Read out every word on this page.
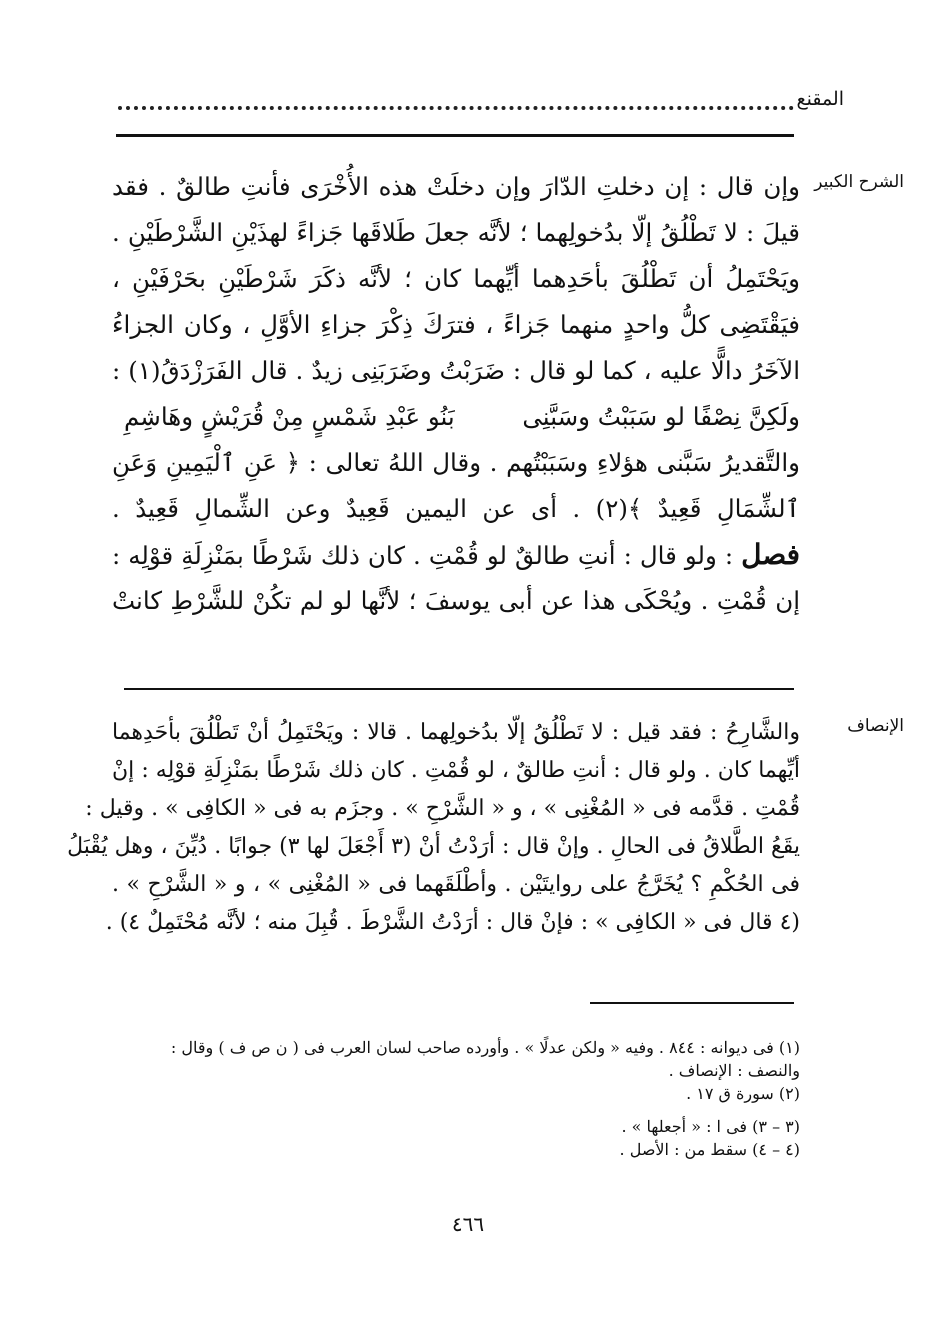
المقنع
الشرح الكبير
وإن قال : إن دخلتِ الدّارَ وإن دخلَتْ هذه الأُخْرَى فأنتِ طالقٌ . فقد
قيلَ : لا تَطْلُقُ إلّا بدُخولِهما ؛ لأنَّه جعلَ طَلاقَها جَزاءً لهذَيْنِ الشَّرْطَيْنِ .
ويَحْتَمِلُ أن تَطْلُقَ بأحَدِهما أيِّهما كان ؛ لأنَّه ذكَرَ شَرْطَيْنِ بحَرْفَيْنِ ،
فيَقْتَضِى كلُّ واحدٍ منهما جَزاءً ، فترَكَ ذِكْرَ جزاءِ الأوَّلِ ، وكان الجزاءُ
الآخَرُ دالًّا عليه ، كما لو قال : ضَرَبْتُ وضَرَبَنِى زيدٌ . قال الفَرَزْدَقُ(١) :
ولَكِنَّ نِصْفًا لو سَبَبْتُ وسَبَّنِى
بَنُو عَبْدِ شَمْسٍ مِنْ قُرَيْشٍ وهَاشِمِ
والتَّقديرُ سَبَّنى هؤلاءِ وسَبَبْتُهم . وقال اللهُ تعالى : ﴿ عَنِ ٱلْيَمِينِ وَعَنِ
ٱلشِّمَالِ قَعِيدٌ ﴾(٢) . أى عن اليمين قَعِيدٌ وعن الشِّمالِ قَعِيدٌ .
فصل : ولو قال : أنتِ طالقٌ لو قُمْتِ . كان ذلك شَرْطًا بمَنْزِلَةِ قوْلِه :
إن قُمْتِ . ويُحْكَى هذا عن أبى يوسفَ ؛ لأنَّها لو لم تكُنْ للشَّرْطِ كانتْ
الإنصاف
والشَّارِحُ : فقد قيل : لا تَطْلُقُ إلّا بدُخولِهما . قالا : ويَحْتَمِلُ أنْ تَطْلُقَ بأحَدِهما
أيِّهما كان . ولو قال : أنتِ طالقٌ ، لو قُمْتِ . كان ذلك شَرْطًا بمَنْزِلَةِ قوْلِه : إنْ
قُمْتِ . قدَّمه فى « المُغْنِى » ، و « الشَّرْحِ » . وجزَم به فى « الكافِى » . وقيل :
يقَعُ الطَّلاقُ فى الحالِ . وإنْ قال : أرَدْتُ أنْ (٣ أَجْعَلَ لها ٣) جوابًا . دُيِّنَ ، وهل يُقْبَلُ
فى الحُكْمِ ؟ يُخَرَّجُ على روايتَيْن . وأطْلَقَهما فى « المُغْنِى » ، و « الشَّرْحِ » .
(٤ قال فى « الكافِى » : فإنْ قال : أرَدْتُ الشَّرْطَ . قُبِلَ منه ؛ لأنَّه مُحْتَمِلٌ ٤) .
(١) فى ديوانه : ٨٤٤ . وفيه « ولكن عدلًا » . وأورده صاحب لسان العرب فى ( ن ص ف ) وقال :
والنصف : الإنصاف .
(٢) سورة ق ١٧ .
(٣ – ٣) فى ا : « أجعلها » .
(٤ – ٤) سقط من : الأصل .
٤٦٦
